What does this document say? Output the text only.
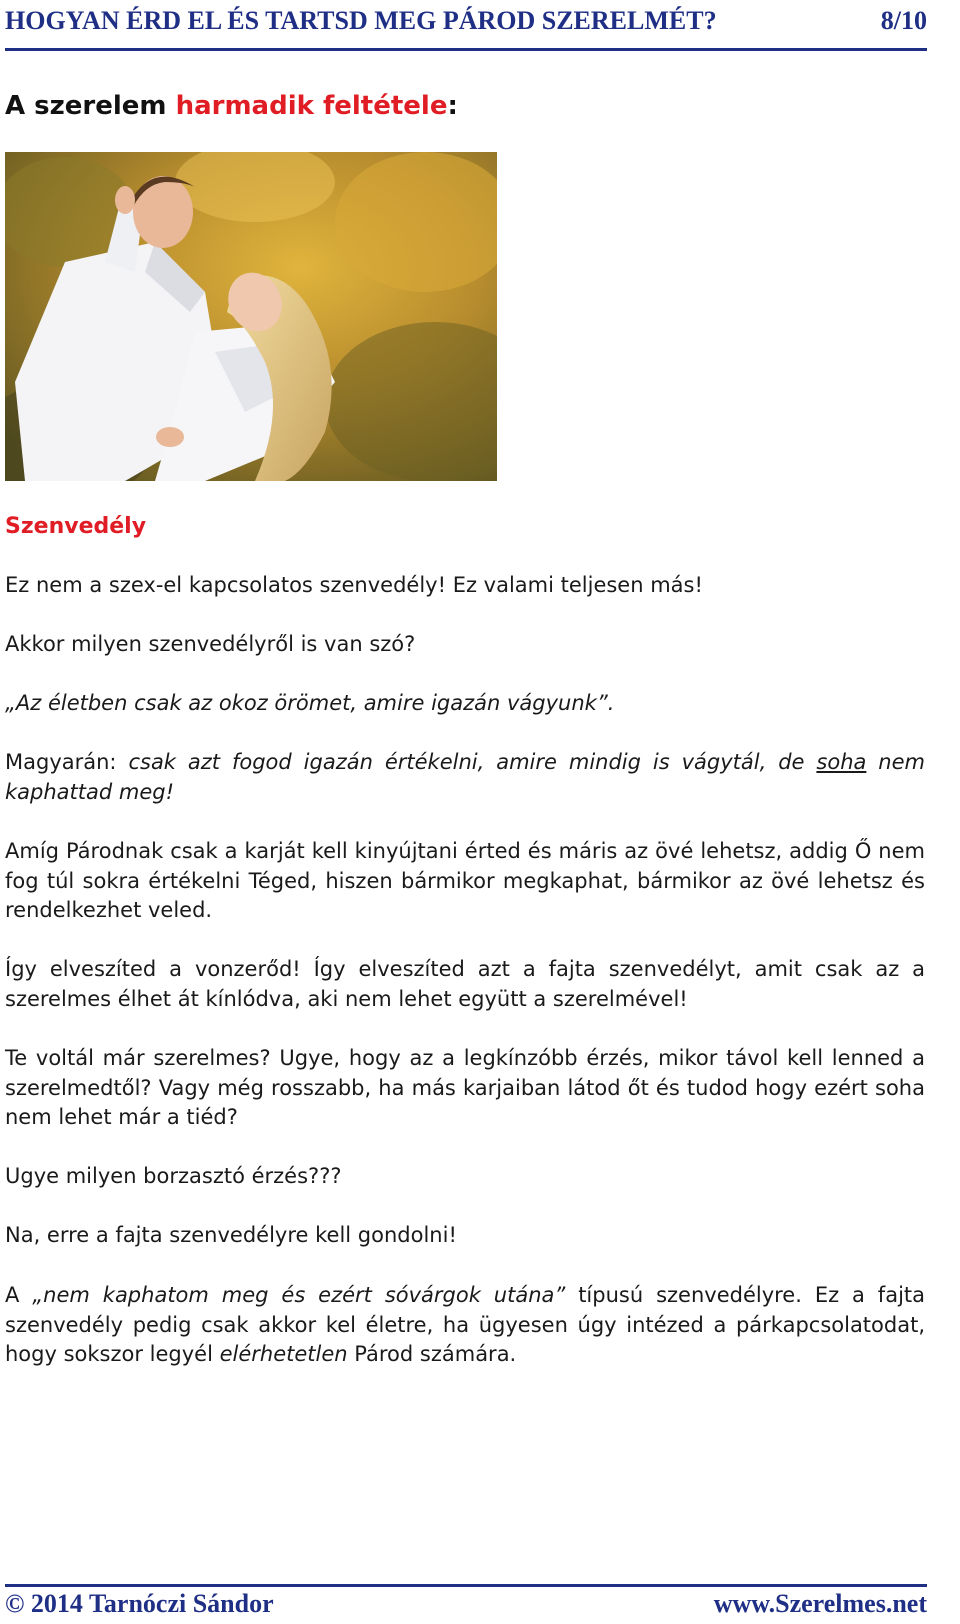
HOGYAN ÉRD EL ÉS TARTSD MEG PÁROD SZERELMÉT?	8/10
A szerelem harmadik feltétele:
Szenvedély

Ez nem a szex-el kapcsolatos szenvedély! Ez valami teljesen más!

Akkor milyen szenvedélyről is van szó?

„Az életben csak az okoz örömet, amire igazán vágyunk”.

Magyarán: csak azt fogod igazán értékelni, amire mindig is vágytál, de soha nem kaphattad meg!

Amíg Párodnak csak a karját kell kinyújtani érted és máris az övé lehetsz, addig Ő nem fog túl sokra értékelni Téged, hiszen bármikor megkaphat, bármikor az övé lehetsz és rendelkezhet veled.

Így elveszíted a vonzerőd! Így elveszíted azt a fajta szenvedélyt, amit csak az a szerelmes élhet át kínlódva, aki nem lehet együtt a szerelmével!

Te voltál már szerelmes? Ugye, hogy az a legkínzóbb érzés, mikor távol kell lenned a szerelmedtől? Vagy még rosszabb, ha más karjaiban látod őt és tudod hogy ezért soha nem lehet már a tiéd?

Ugye milyen borzasztó érzés???

Na, erre a fajta szenvedélyre kell gondolni!

A „nem kaphatom meg és ezért sóvárgok utána” típusú szenvedélyre. Ez a fajta szenvedély pedig csak akkor kel életre, ha ügyesen úgy intézed a párkapcsolatodat, hogy sokszor legyél elérhetetlen Párod számára.

© 2014 Tarnóczi Sándor	www.Szerelmes.net
